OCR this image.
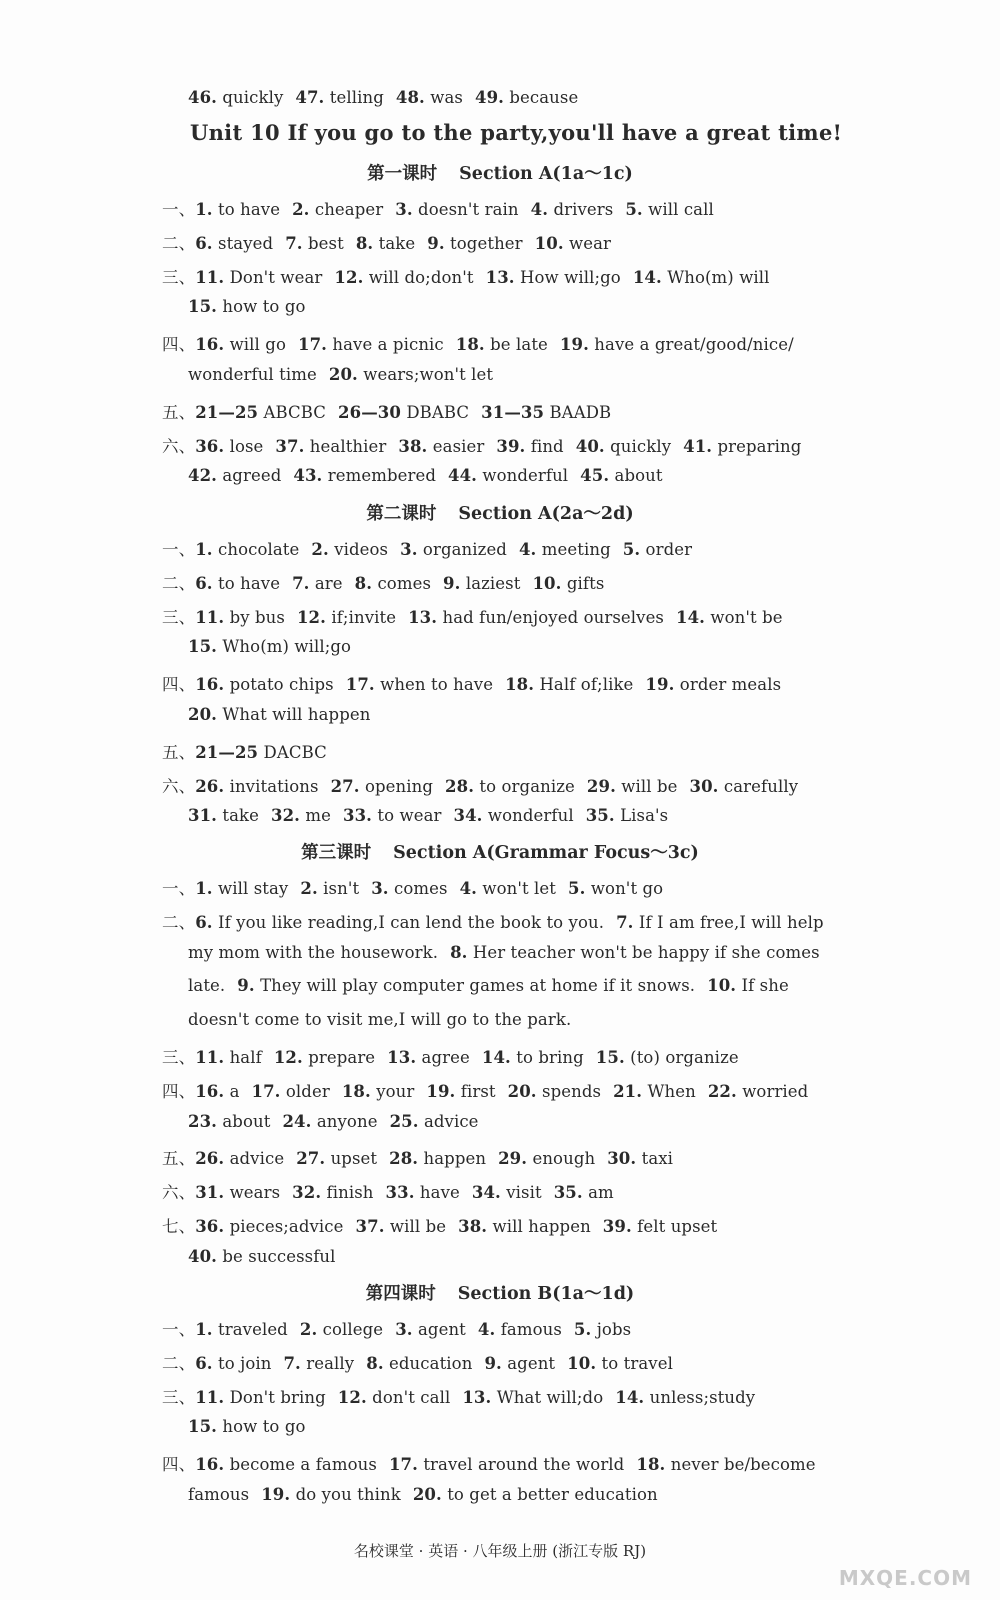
Unit 10 If you go to the party,you'll have a great time!
名校课堂 · 英语 · 八年级上册 (浙江专版 RJ)
MXQE.COM
46. quickly 47. telling 48. was 49. because
第一课时 Section A(1a～1c)
一、1. to have 2. cheaper 3. doesn't rain 4. drivers 5. will call
二、6. stayed 7. best 8. take 9. together 10. wear
三、11. Don't wear 12. will do;don't 13. How will;go 14. Who(m) will
15. how to go
四、16. will go 17. have a picnic 18. be late 19. have a great/good/nice/
wonderful time 20. wears;won't let
五、21—25 ABCBC 26—30 DBABC 31—35 BAADB
六、36. lose 37. healthier 38. easier 39. find 40. quickly 41. preparing
42. agreed 43. remembered 44. wonderful 45. about
第二课时 Section A(2a～2d)
一、1. chocolate 2. videos 3. organized 4. meeting 5. order
二、6. to have 7. are 8. comes 9. laziest 10. gifts
三、11. by bus 12. if;invite 13. had fun/enjoyed ourselves 14. won't be
15. Who(m) will;go
四、16. potato chips 17. when to have 18. Half of;like 19. order meals
20. What will happen
五、21—25 DACBC
六、26. invitations 27. opening 28. to organize 29. will be 30. carefully
31. take 32. me 33. to wear 34. wonderful 35. Lisa's
第三课时 Section A(Grammar Focus～3c)
一、1. will stay 2. isn't 3. comes 4. won't let 5. won't go
二、6. If you like reading,I can lend the book to you. 7. If I am free,I will help
my mom with the housework. 8. Her teacher won't be happy if she comes
late. 9. They will play computer games at home if it snows. 10. If she
doesn't come to visit me,I will go to the park.
三、11. half 12. prepare 13. agree 14. to bring 15. (to) organize
四、16. a 17. older 18. your 19. first 20. spends 21. When 22. worried
23. about 24. anyone 25. advice
五、26. advice 27. upset 28. happen 29. enough 30. taxi
六、31. wears 32. finish 33. have 34. visit 35. am
七、36. pieces;advice 37. will be 38. will happen 39. felt upset
40. be successful
第四课时 Section B(1a～1d)
一、1. traveled 2. college 3. agent 4. famous 5. jobs
二、6. to join 7. really 8. education 9. agent 10. to travel
三、11. Don't bring 12. don't call 13. What will;do 14. unless;study
15. how to go
四、16. become a famous 17. travel around the world 18. never be/become
famous 19. do you think 20. to get a better education
